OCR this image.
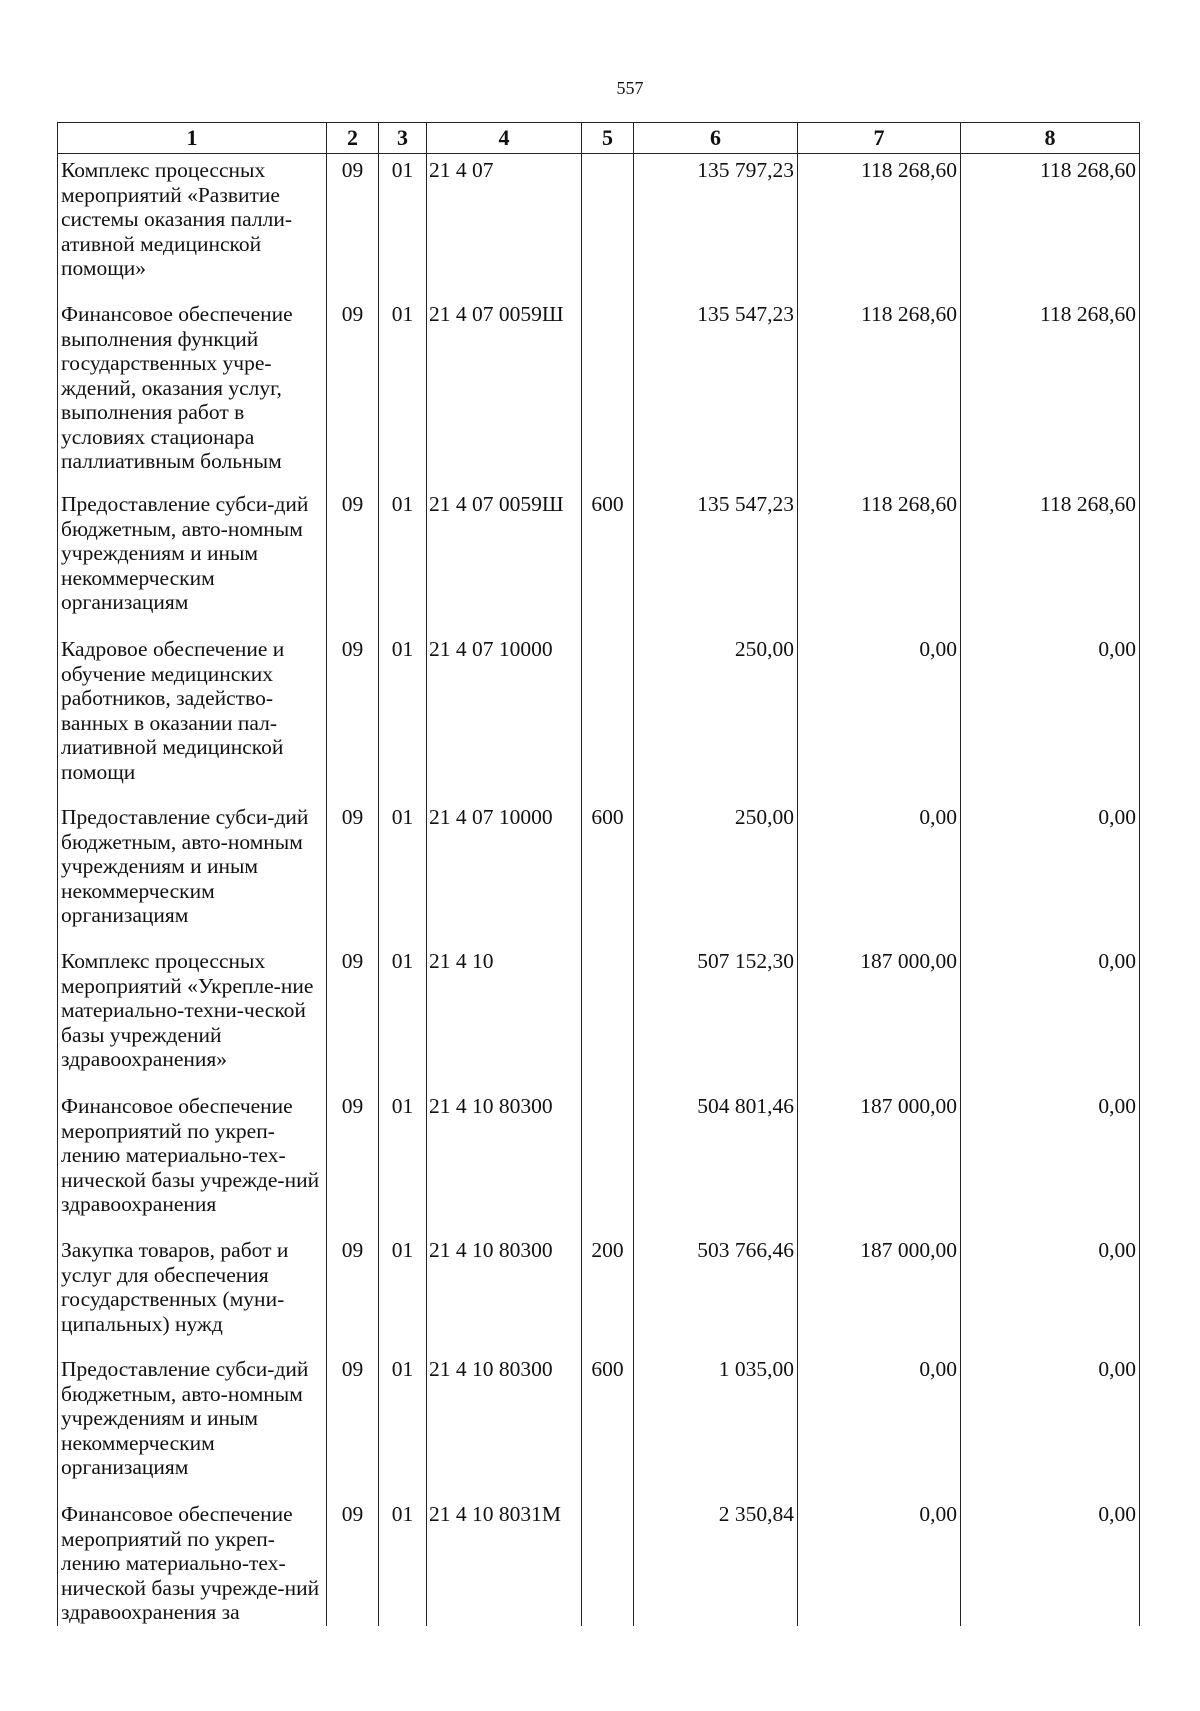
557
1	2	3	4	5	6	7	8
Комплекс процессных мероприятий «Развитие системы оказания палли-ативной медицинской помощи»	09	01	21 4 07		135 797,23	118 268,60	118 268,60
Финансовое обеспечение выполнения функций государственных учре-ждений, оказания услуг, выполнения работ в условиях стационара паллиативным больным	09	01	21 4 07 0059Ш		135 547,23	118 268,60	118 268,60
Предоставление субси-дий бюджетным, авто-номным учреждениям и иным некоммерческим организациям	09	01	21 4 07 0059Ш	600	135 547,23	118 268,60	118 268,60
Кадровое обеспечение и обучение медицинских работников, задейство-ванных в оказании пал-лиативной медицинской помощи	09	01	21 4 07 10000		250,00	0,00	0,00
Предоставление субси-дий бюджетным, авто-номным учреждениям и иным некоммерческим организациям	09	01	21 4 07 10000	600	250,00	0,00	0,00
Комплекс процессных мероприятий «Укрепле-ние материально-техни-ческой базы учреждений здравоохранения»	09	01	21 4 10		507 152,30	187 000,00	0,00
Финансовое обеспечение мероприятий по укреп-лению материально-тех-нической базы учрежде-ний здравоохранения	09	01	21 4 10 80300		504 801,46	187 000,00	0,00
Закупка товаров, работ и услуг для обеспечения государственных (муни-ципальных) нужд	09	01	21 4 10 80300	200	503 766,46	187 000,00	0,00
Предоставление субси-дий бюджетным, авто-номным учреждениям и иным некоммерческим организациям	09	01	21 4 10 80300	600	1 035,00	0,00	0,00
Финансовое обеспечение мероприятий по укреп-лению материально-тех-нической базы учрежде-ний здравоохранения за	09	01	21 4 10 8031М		2 350,84	0,00	0,00
